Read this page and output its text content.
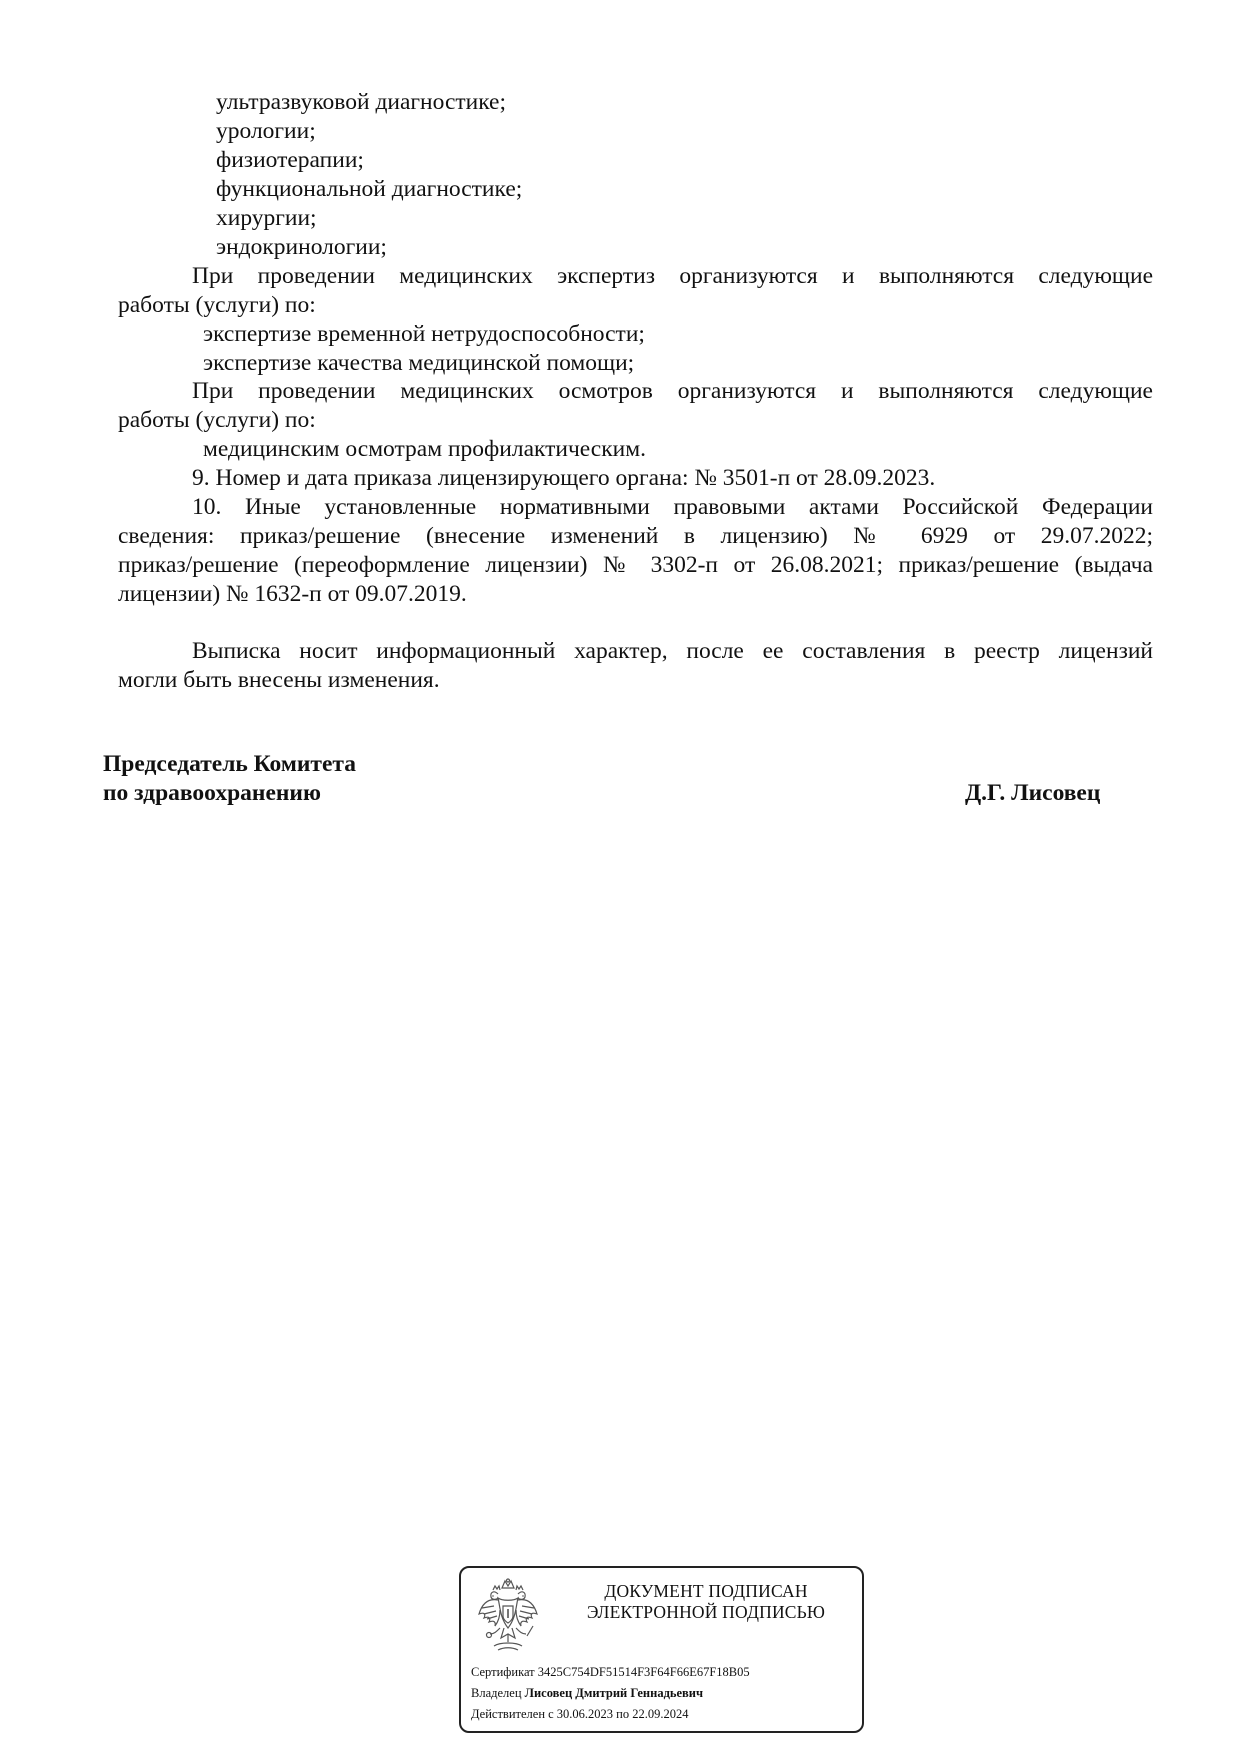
ультразвуковой диагностике;
урологии;
физиотерапии;
функциональной диагностике;
хирургии;
эндокринологии;
При проведении медицинских экспертиз организуются и выполняются следующие
работы (услуги) по:
экспертизе временной нетрудоспособности;
экспертизе качества медицинской помощи;
При проведении медицинских осмотров организуются и выполняются следующие
работы (услуги) по:
медицинским осмотрам профилактическим.
9. Номер и дата приказа лицензирующего органа: № 3501-п от 28.09.2023.
10. Иные установленные нормативными правовыми актами Российской Федерации
сведения: приказ/решение (внесение изменений в лицензию) № 6929 от 29.07.2022;
приказ/решение (переоформление лицензии) № 3302-п от 26.08.2021; приказ/решение (выдача
лицензии) № 1632-п от 09.07.2019.
Выписка носит информационный характер, после ее составления в реестр лицензий
могли быть внесены изменения.
Председатель Комитета
по здравоохранению	Д.Г. Лисовец
ДОКУМЕНТ ПОДПИСАН
ЭЛЕКТРОННОЙ ПОДПИСЬЮ
Сертификат 3425C754DF51514F3F64F66E67F18B05
Владелец Лисовец Дмитрий Геннадьевич
Действителен с 30.06.2023 по 22.09.2024
